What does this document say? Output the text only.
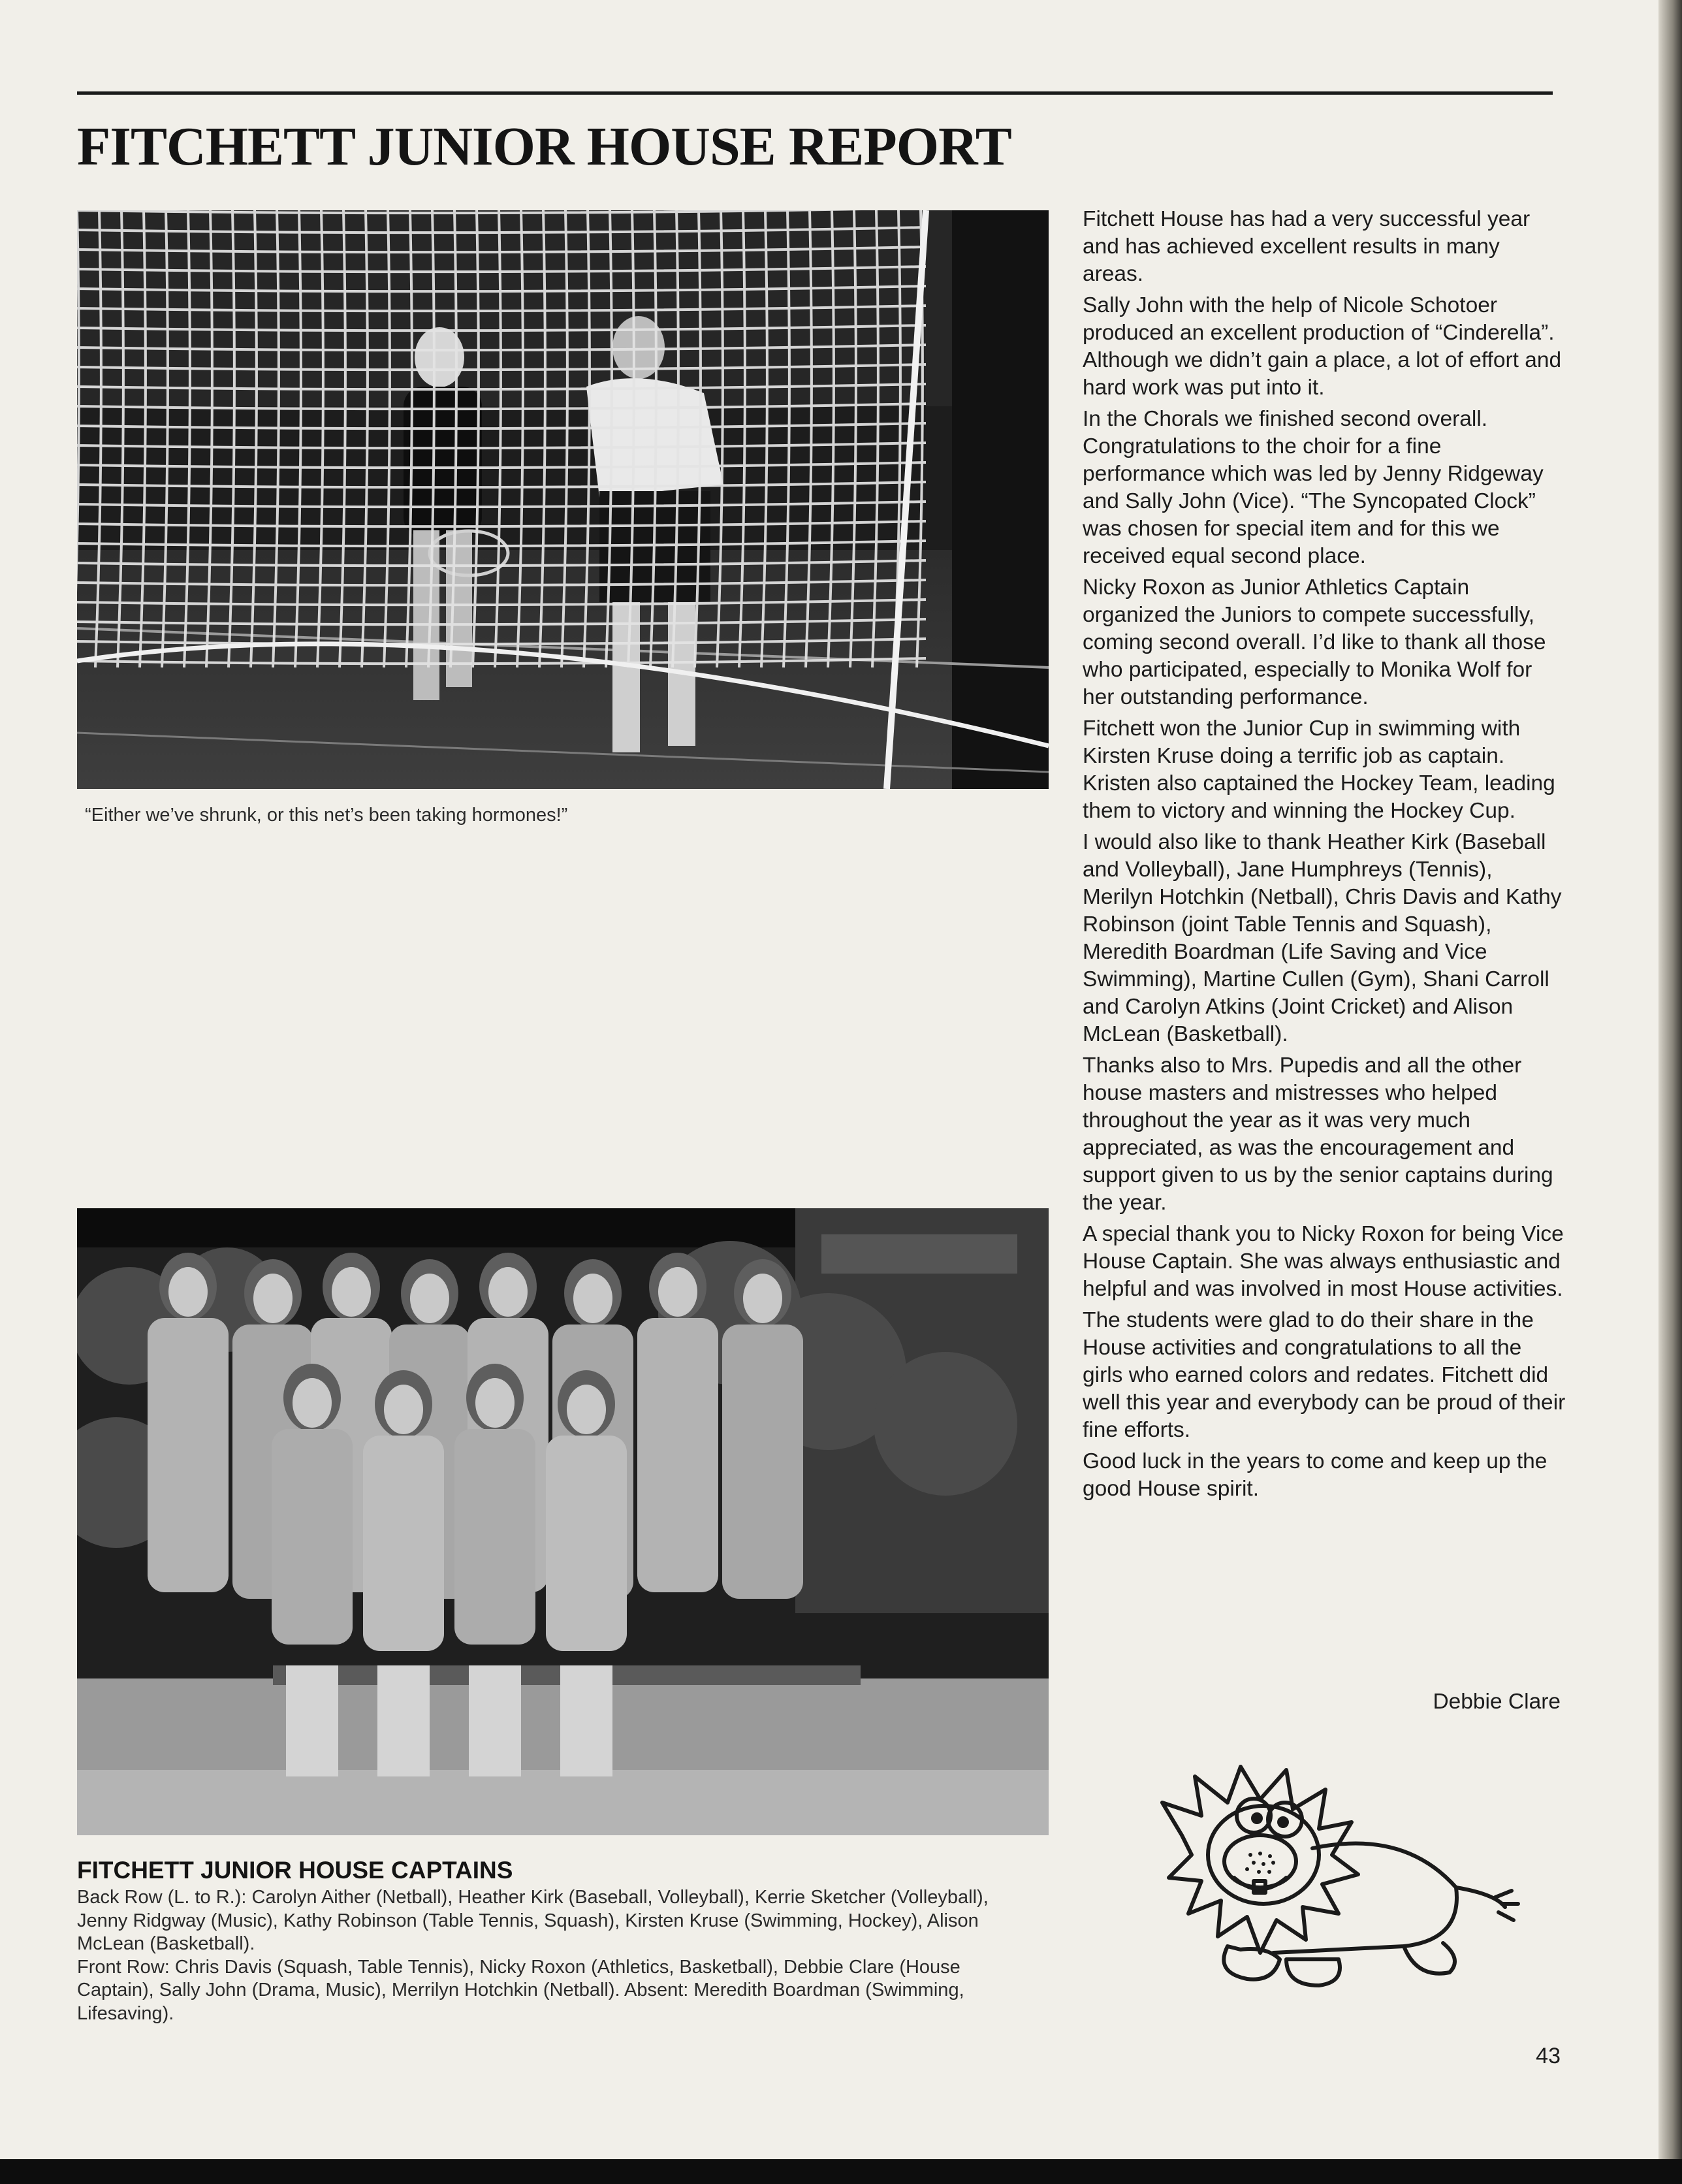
FITCHETT JUNIOR HOUSE REPORT
“Either we’ve shrunk, or this net’s been taking hormones!”

Fitchett House has had a very successful year and has achieved excellent results in many areas.

Sally John with the help of Nicole Schotoer produced an excellent production of “Cinderella”. Although we didn’t gain a place, a lot of effort and hard work was put into it.

In the Chorals we finished second overall. Congratulations to the choir for a fine performance which was led by Jenny Ridgeway and Sally John (Vice). “The Syncopated Clock” was chosen for special item and for this we received equal second place.

Nicky Roxon as Junior Athletics Captain organized the Juniors to compete successfully, coming second overall. I’d like to thank all those who participated, especially to Monika Wolf for her outstanding performance.

Fitchett won the Junior Cup in swimming with Kirsten Kruse doing a terrific job as captain. Kristen also captained the Hockey Team, leading them to victory and winning the Hockey Cup.

I would also like to thank Heather Kirk (Baseball and Volleyball), Jane Humphreys (Tennis), Merilyn Hotchkin (Netball), Chris Davis and Kathy Robinson (joint Table Tennis and Squash), Meredith Boardman (Life Saving and Vice Swimming), Martine Cullen (Gym), Shani Carroll and Carolyn Atkins (Joint Cricket) and Alison McLean (Basketball).

Thanks also to Mrs. Pupedis and all the other house masters and mistresses who helped throughout the year as it was very much appreciated, as was the encouragement and support given to us by the senior captains during the year.

A special thank you to Nicky Roxon for being Vice House Captain. She was always enthusiastic and helpful and was involved in most House activities.

The students were glad to do their share in the House activities and congratulations to all the girls who earned colors and redates. Fitchett did well this year and everybody can be proud of their fine efforts.

Good luck in the years to come and keep up the good House spirit.

Debbie Clare
FITCHETT JUNIOR HOUSE CAPTAINS

Back Row (L. to R.): Carolyn Aither (Netball), Heather Kirk (Baseball, Volleyball), Kerrie Sketcher (Volleyball), Jenny Ridgway (Music), Kathy Robinson (Table Tennis, Squash), Kirsten Kruse (Swimming, Hockey), Alison McLean (Basketball).

Front Row: Chris Davis (Squash, Table Tennis), Nicky Roxon (Athletics, Basketball), Debbie Clare (House Captain), Sally John (Drama, Music), Merrilyn Hotchkin (Netball). Absent: Meredith Boardman (Swimming, Lifesaving).

43
